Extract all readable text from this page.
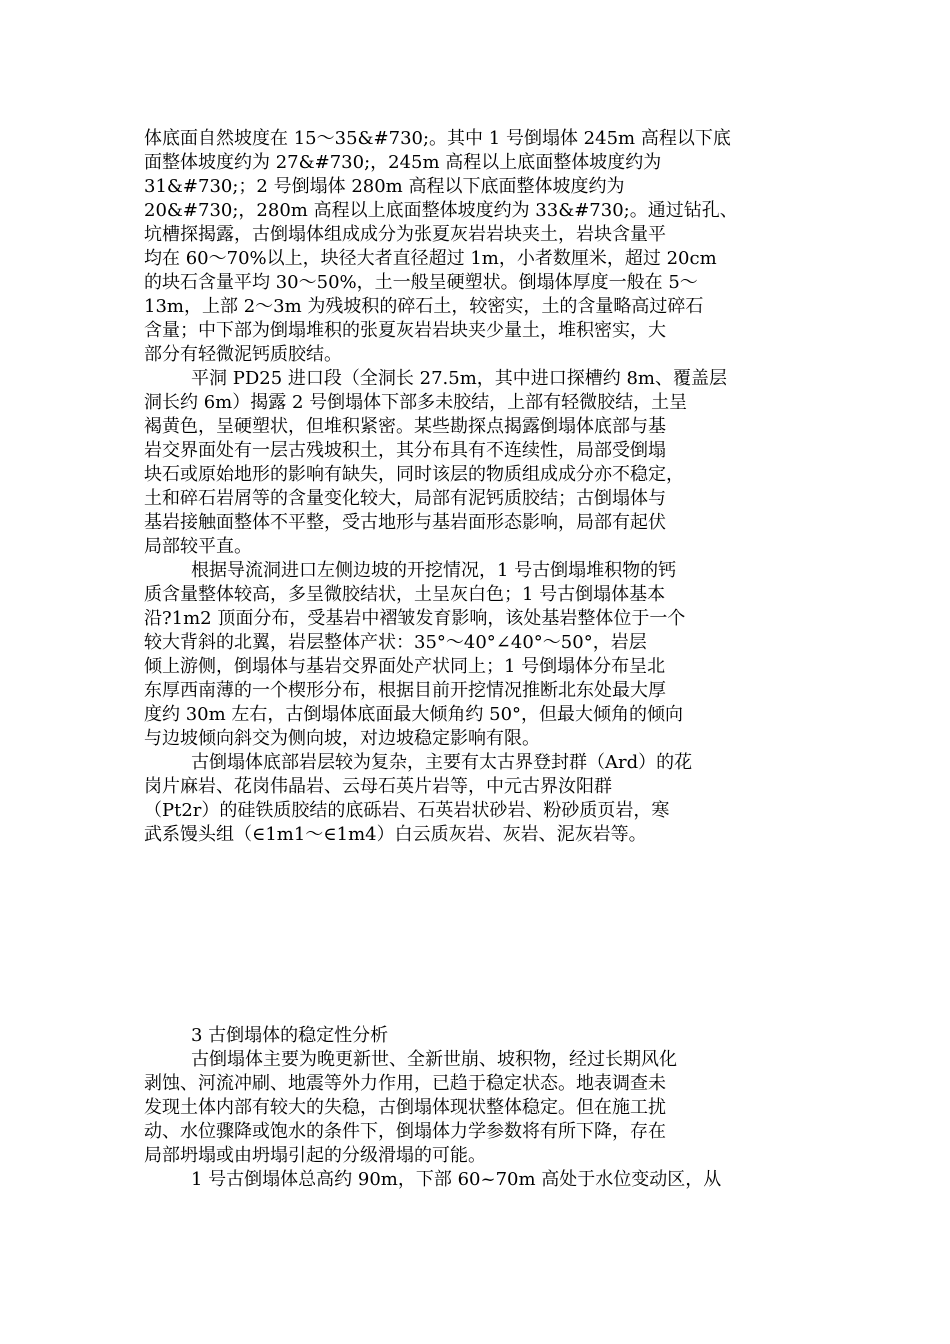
体底面自然坡度在 15～35&#730;。其中 1 号倒塌体 245m 高程以下底
面整体坡度约为 27&#730;，245m 高程以上底面整体坡度约为
31&#730;；2 号倒塌体 280m 高程以下底面整体坡度约为
20&#730;，280m 高程以上底面整体坡度约为 33&#730;。通过钻孔、
坑槽探揭露，古倒塌体组成成分为张夏灰岩岩块夹土，岩块含量平
均在 60～70%以上，块径大者直径超过 1m，小者数厘米，超过 20cm
的块石含量平均 30～50%，土一般呈硬塑状。倒塌体厚度一般在 5～
13m，上部 2～3m 为残坡积的碎石土，较密实，土的含量略高过碎石
含量；中下部为倒塌堆积的张夏灰岩岩块夹少量土，堆积密实，大
部分有轻微泥钙质胶结。
平洞 PD25 进口段（全洞长 27.5m，其中进口探槽约 8m、覆盖层
洞长约 6m）揭露 2 号倒塌体下部多未胶结，上部有轻微胶结，土呈
褐黄色，呈硬塑状，但堆积紧密。某些勘探点揭露倒塌体底部与基
岩交界面处有一层古残坡积土，其分布具有不连续性，局部受倒塌
块石或原始地形的影响有缺失，同时该层的物质组成成分亦不稳定，
土和碎石岩屑等的含量变化较大，局部有泥钙质胶结；古倒塌体与
基岩接触面整体不平整，受古地形与基岩面形态影响，局部有起伏
局部较平直。
根据导流洞进口左侧边坡的开挖情况，1 号古倒塌堆积物的钙
质含量整体较高，多呈微胶结状，土呈灰白色；1 号古倒塌体基本
沿?1m2 顶面分布，受基岩中褶皱发育影响，该处基岩整体位于一个
较大背斜的北翼，岩层整体产状：35°～40°∠40°～50°，岩层
倾上游侧，倒塌体与基岩交界面处产状同上；1 号倒塌体分布呈北
东厚西南薄的一个楔形分布，根据目前开挖情况推断北东处最大厚
度约 30m 左右，古倒塌体底面最大倾角约 50°，但最大倾角的倾向
与边坡倾向斜交为侧向坡，对边坡稳定影响有限。
古倒塌体底部岩层较为复杂，主要有太古界登封群（Ard）的花
岗片麻岩、花岗伟晶岩、云母石英片岩等，中元古界汝阳群
（Pt2r）的硅铁质胶结的底砾岩、石英岩状砂岩、粉砂质页岩，寒
武系馒头组（∈1m1～∈1m4）白云质灰岩、灰岩、泥灰岩等。
3 古倒塌体的稳定性分析
古倒塌体主要为晚更新世、全新世崩、坡积物，经过长期风化
剥蚀、河流冲刷、地震等外力作用，已趋于稳定状态。地表调查未
发现土体内部有较大的失稳，古倒塌体现状整体稳定。但在施工扰
动、水位骤降或饱水的条件下，倒塌体力学参数将有所下降，存在
局部坍塌或由坍塌引起的分级滑塌的可能。
1 号古倒塌体总高约 90m，下部 60~70m 高处于水位变动区，从
